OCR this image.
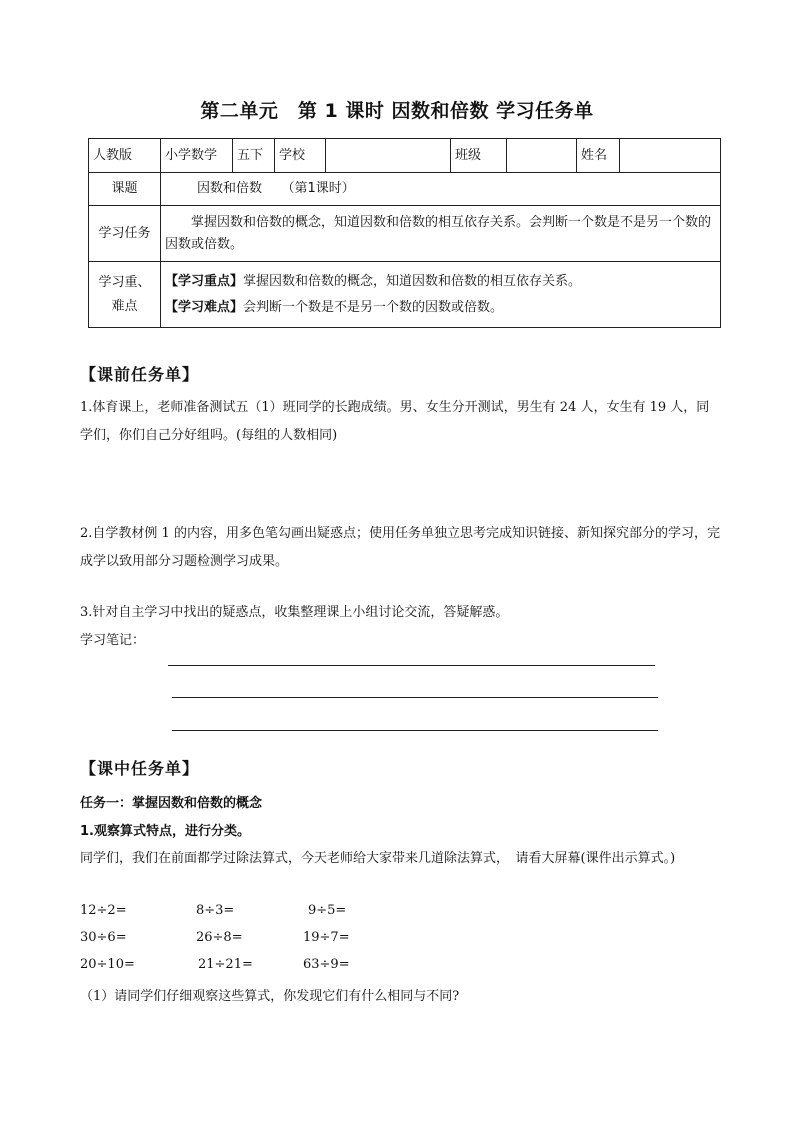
第二单元　第 1 课时 因数和倍数 学习任务单
人教版	小学数学	五下	学校		班级		姓名	
课题	因数和倍数　　（第1课时）							
学习任务	　　掌握因数和倍数的概念，知道因数和倍数的相互依存关系。会判断一个数是不是另一个数的因数或倍数。							
学习重、难点	【学习重点】掌握因数和倍数的概念，知道因数和倍数的相互依存关系。
【学习难点】会判断一个数是不是另一个数的因数或倍数。							
【课前任务单】
1.体育课上，老师准备测试五（1）班同学的长跑成绩。男、女生分开测试，男生有 24 人，女生有 19 人，同学们，你们自己分好组吗。(每组的人数相同)
2.自学教材例 1 的内容，用多色笔勾画出疑惑点；使用任务单独立思考完成知识链接、新知探究部分的学习，完成学以致用部分习题检测学习成果。
3.针对自主学习中找出的疑惑点，收集整理课上小组讨论交流，答疑解惑。
学习笔记：
【课中任务单】
任务一：掌握因数和倍数的概念
1.观察算式特点，进行分类。
同学们，我们在前面都学过除法算式，今天老师给大家带来几道除法算式，　请看大屏幕(课件出示算式。)
12÷2=	8÷3=	9÷5=
30÷6=	26÷8=	19÷7=
20÷10=	21÷21=	63÷9=
（1）请同学们仔细观察这些算式，你发现它们有什么相同与不同?
